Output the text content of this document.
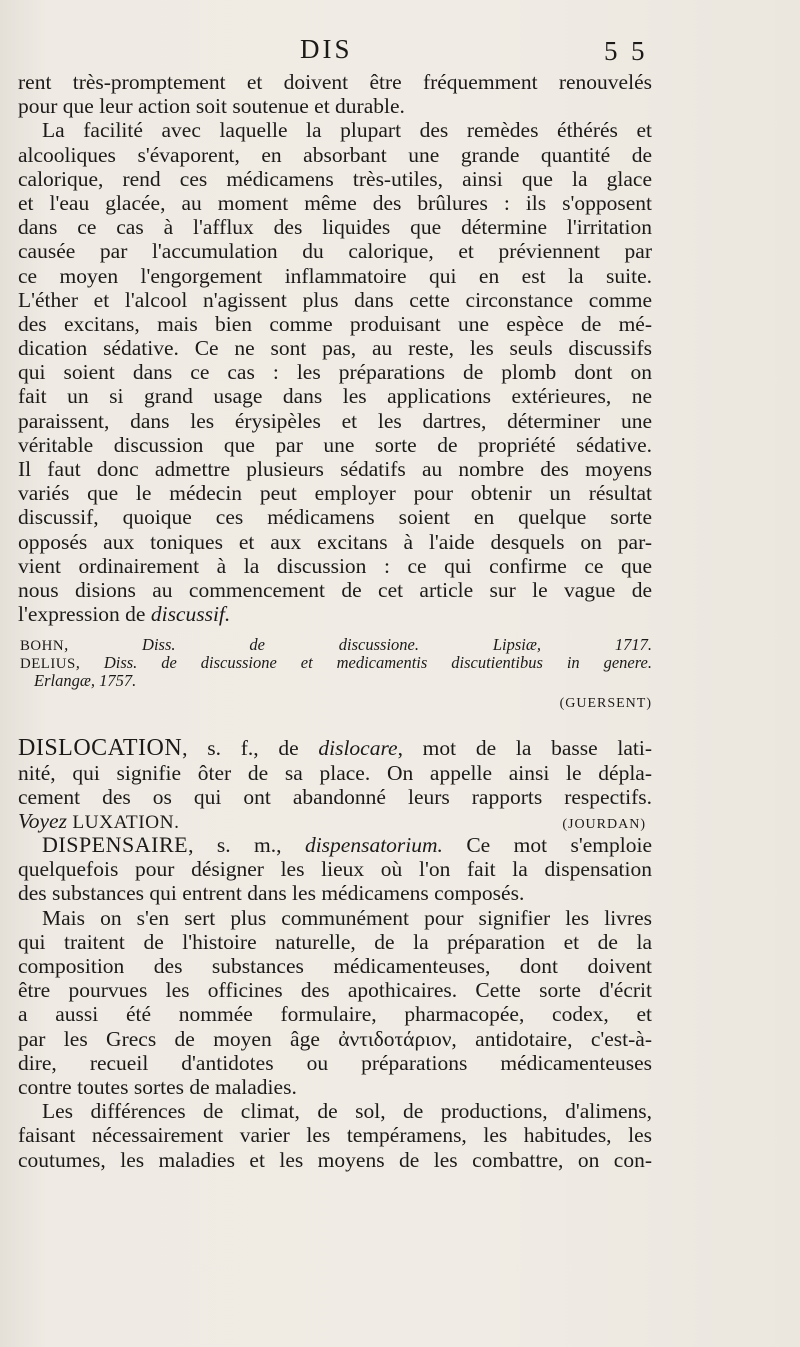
DIS	5 5
rent très-promptement et doivent être fréquemment renouvelés
pour que leur action soit soutenue et durable.
La facilité avec laquelle la plupart des remèdes éthérés et
alcooliques s'évaporent, en absorbant une grande quantité de
calorique, rend ces médicamens très-utiles, ainsi que la glace
et l'eau glacée, au moment même des brûlures : ils s'opposent
dans ce cas à l'afflux des liquides que détermine l'irritation
causée par l'accumulation du calorique, et préviennent par
ce moyen l'engorgement inflammatoire qui en est la suite.
L'éther et l'alcool n'agissent plus dans cette circonstance comme
des excitans, mais bien comme produisant une espèce de mé-
dication sédative. Ce ne sont pas, au reste, les seuls discussifs
qui soient dans ce cas : les préparations de plomb dont on
fait un si grand usage dans les applications extérieures, ne
paraissent, dans les érysipèles et les dartres, déterminer une
véritable discussion que par une sorte de propriété sédative.
Il faut donc admettre plusieurs sédatifs au nombre des moyens
variés que le médecin peut employer pour obtenir un résultat
discussif, quoique ces médicamens soient en quelque sorte
opposés aux toniques et aux excitans à l'aide desquels on par-
vient ordinairement à la discussion : ce qui confirme ce que
nous disions au commencement de cet article sur le vague de
l'expression de discussif.
BOHN, Diss. de discussione. Lipsiæ, 1717.
DELIUS, Diss. de discussione et medicamentis discutientibus in genere.
Erlangæ, 1757.
(GUERSENT)
DISLOCATION, s. f., de dislocare, mot de la basse lati-
nité, qui signifie ôter de sa place. On appelle ainsi le dépla-
cement des os qui ont abandonné leurs rapports respectifs.
Voyez LUXATION.	(JOURDAN)
DISPENSAIRE, s. m., dispensatorium. Ce mot s'emploie
quelquefois pour désigner les lieux où l'on fait la dispensation
des substances qui entrent dans les médicamens composés.
Mais on s'en sert plus communément pour signifier les livres
qui traitent de l'histoire naturelle, de la préparation et de la
composition des substances médicamenteuses, dont doivent
être pourvues les officines des apothicaires. Cette sorte d'écrit
a aussi été nommée formulaire, pharmacopée, codex, et
par les Grecs de moyen âge ἀντιδοτάριον, antidotaire, c'est-à-
dire, recueil d'antidotes ou préparations médicamenteuses
contre toutes sortes de maladies.
Les différences de climat, de sol, de productions, d'alimens,
faisant nécessairement varier les tempéramens, les habitudes, les
coutumes, les maladies et les moyens de les combattre, on con-
